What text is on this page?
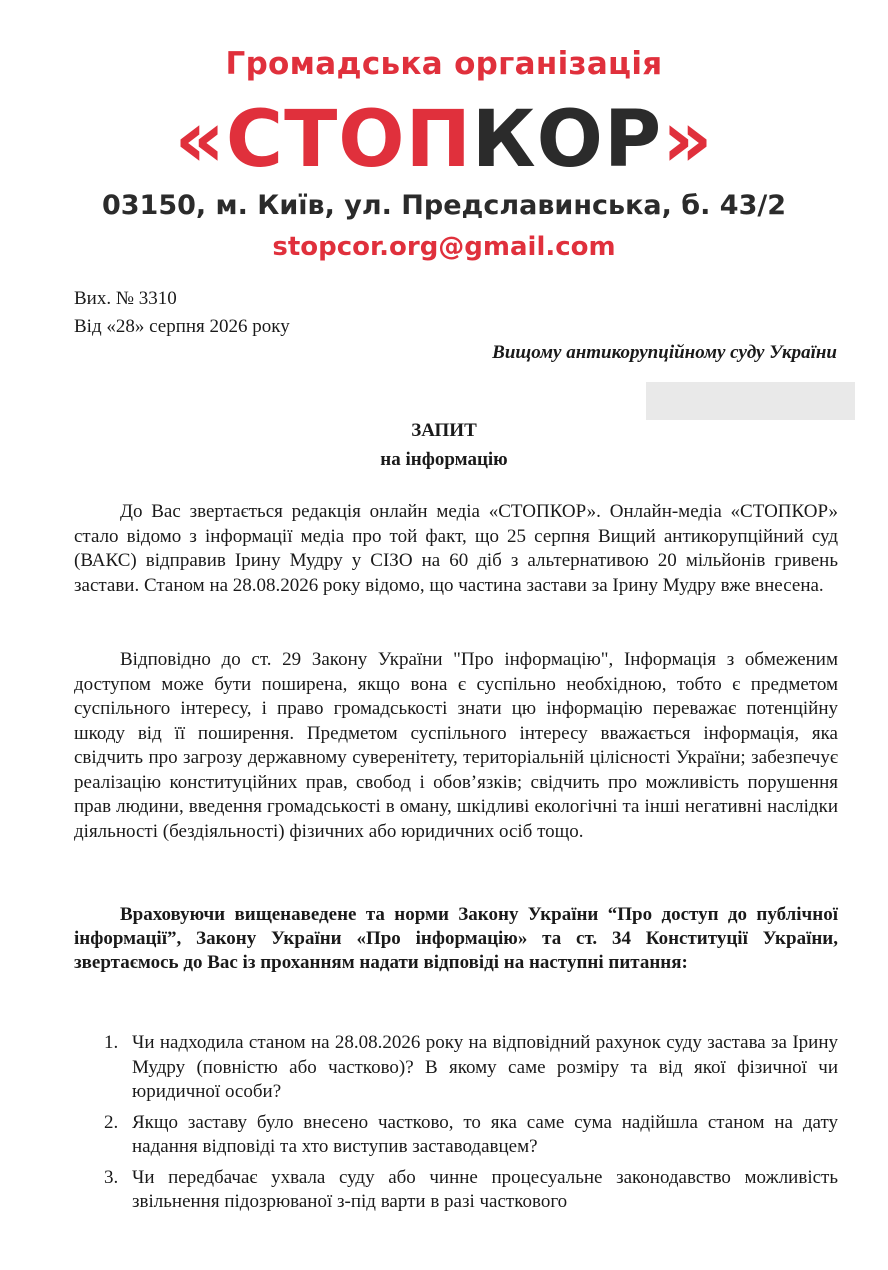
Громадська організація
«СТОПКОР»
03150, м. Київ, ул. Предславинська, б. 43/2
stopcor.org@gmail.com
Вих. № 3310
Від «28» серпня 2026 року
Вищому антикорупційному суду України
ЗАПИТ
на інформацію
До Вас звертається редакція онлайн медіа «СТОПКОР». Онлайн-медіа «СТОПКОР» стало відомо з інформації медіа про той факт, що 25 серпня Вищий антикорупційний суд (ВАКС) відправив Ірину Мудру у СІЗО на 60 діб з альтернативою 20 мільйонів гривень застави. Станом на 28.08.2026 року відомо, що частина застави за Ірину Мудру вже внесена.
Відповідно до ст. 29 Закону України "Про інформацію", Інформація з обмеженим доступом може бути поширена, якщо вона є суспільно необхідною, тобто є предметом суспільного інтересу, і право громадськості знати цю інформацію переважає потенційну шкоду від її поширення. Предметом суспільного інтересу вважається інформація, яка свідчить про загрозу державному суверенітету, територіальній цілісності України; забезпечує реалізацію конституційних прав, свобод і обов’язків; свідчить про можливість порушення прав людини, введення громадськості в оману, шкідливі екологічні та інші негативні наслідки діяльності (бездіяльності) фізичних або юридичних осіб тощо.
Враховуючи вищенаведене та норми Закону України “Про доступ до публічної інформації”, Закону України «Про інформацію» та ст. 34 Конституції України, звертаємось до Вас із проханням надати відповіді на наступні питання:
1. Чи надходила станом на 28.08.2026 року на відповідний рахунок суду застава за Ірину Мудру (повністю або частково)? В якому саме розміру та від якої фізичної чи юридичної особи?
2. Якщо заставу було внесено частково, то яка саме сума надійшла станом на дату надання відповіді та хто виступив заставодавцем?
3. Чи передбачає ухвала суду або чинне процесуальне законодавство можливість звільнення підозрюваної з-під варти в разі часткового
